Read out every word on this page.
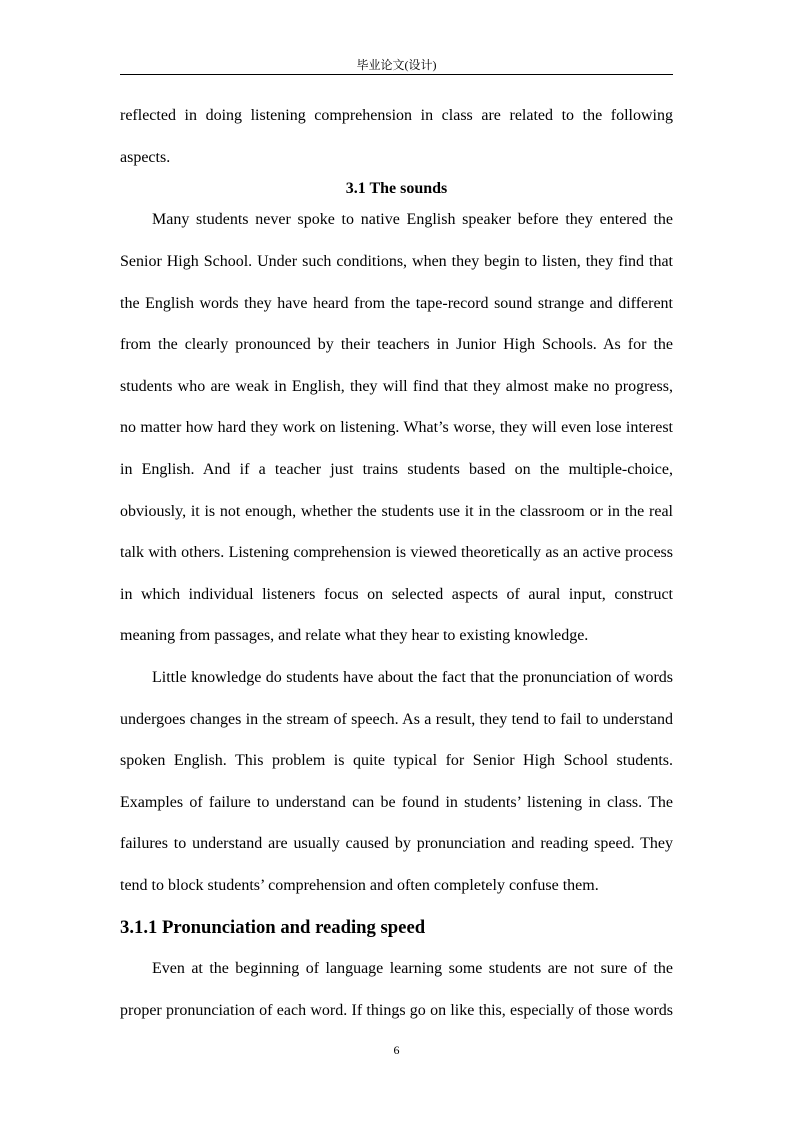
毕业论文(设计)
reflected in doing listening comprehension in class are related to the following
aspects.
3.1 The sounds
Many students never spoke to native English speaker before they entered the
Senior High School. Under such conditions, when they begin to listen, they find that
the English words they have heard from the tape-record sound strange and different
from the clearly pronounced by their teachers in Junior High Schools. As for the
students who are weak in English, they will find that they almost make no progress,
no matter how hard they work on listening. What’s worse, they will even lose interest
in English. And if a teacher just trains students based on the multiple-choice,
obviously, it is not enough, whether the students use it in the classroom or in the real
talk with others. Listening comprehension is viewed theoretically as an active process
in which individual listeners focus on selected aspects of aural input, construct
meaning from passages, and relate what they hear to existing knowledge.
Little knowledge do students have about the fact that the pronunciation of words
undergoes changes in the stream of speech. As a result, they tend to fail to understand
spoken English. This problem is quite typical for Senior High School students.
Examples of failure to understand can be found in students’ listening in class. The
failures to understand are usually caused by pronunciation and reading speed. They
tend to block students’ comprehension and often completely confuse them.
3.1.1 Pronunciation and reading speed
Even at the beginning of language learning some students are not sure of the
proper pronunciation of each word. If things go on like this, especially of those words
6
